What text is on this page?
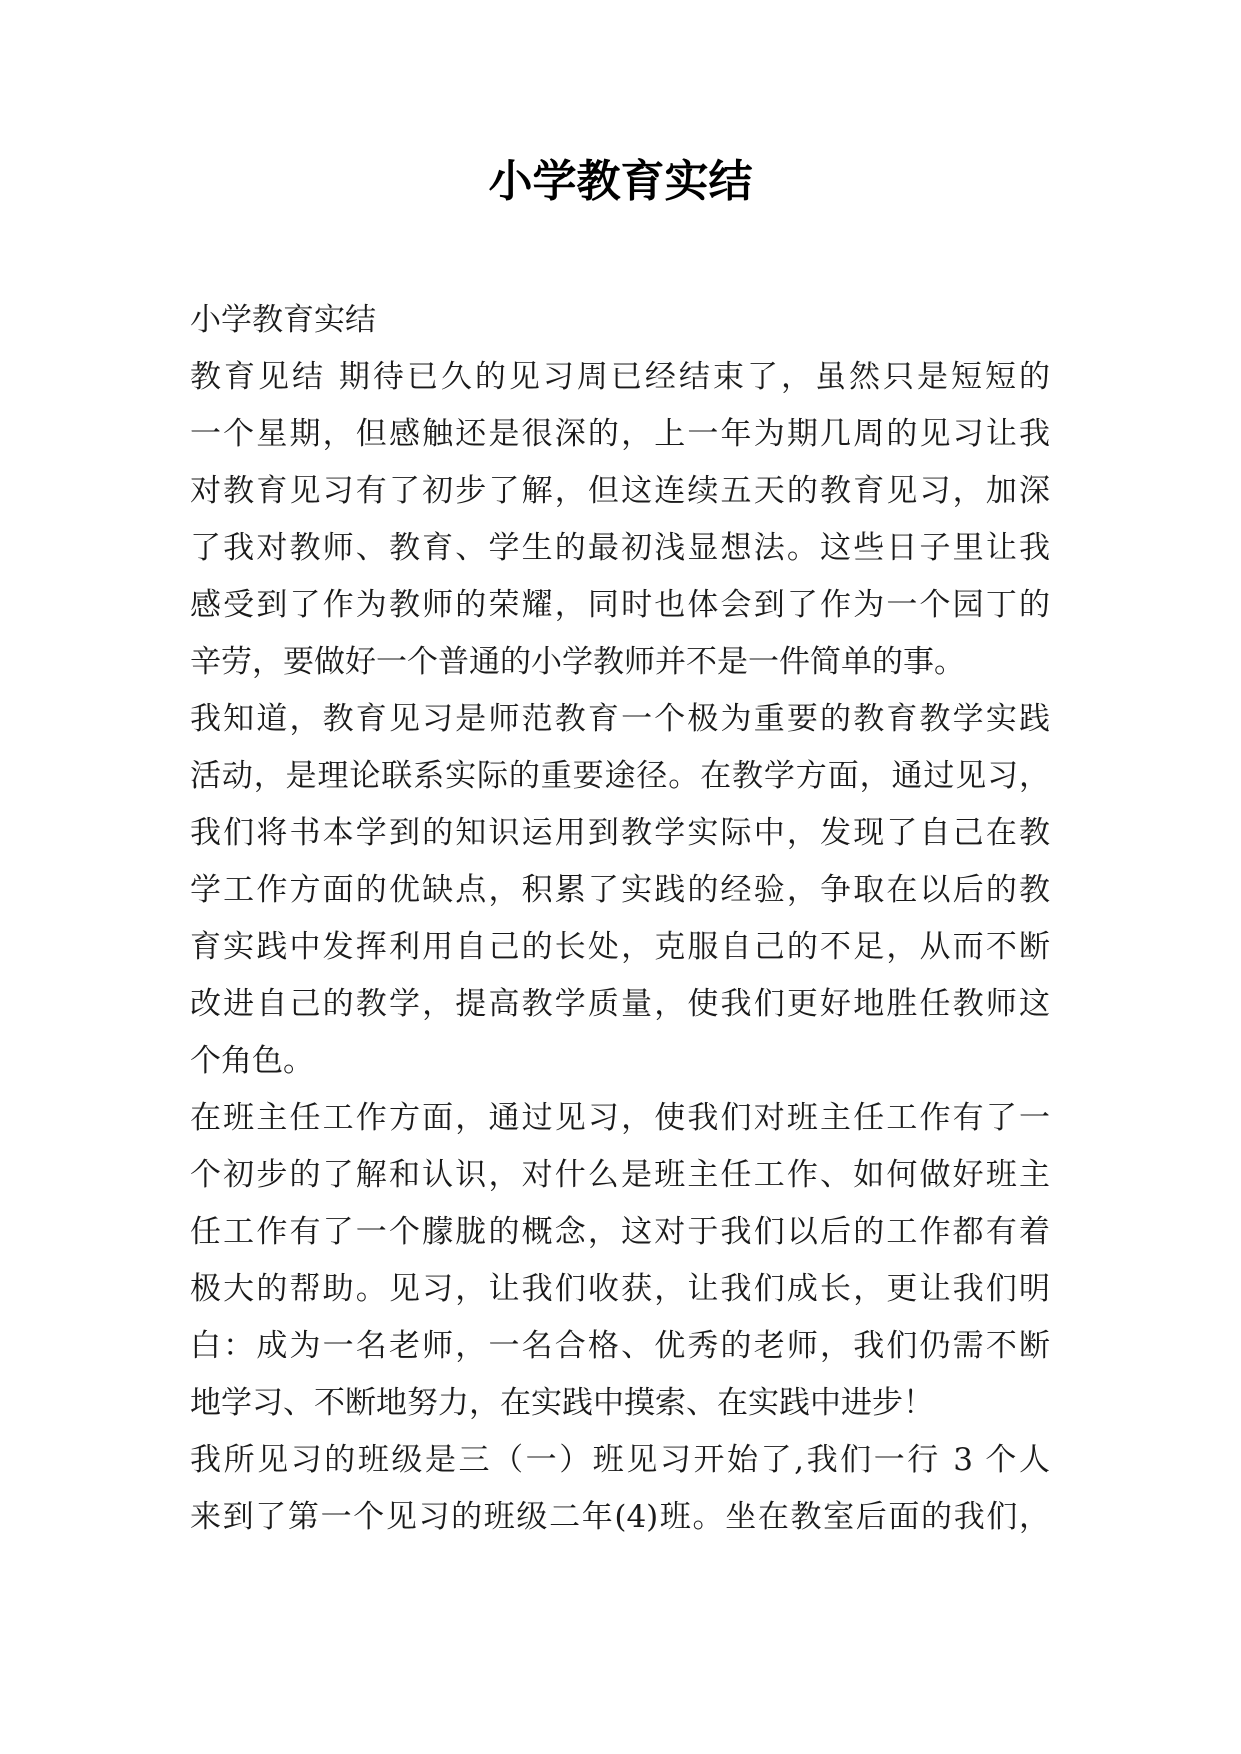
小学教育实结
小学教育实结
教育见结 期待已久的见习周已经结束了，虽然只是短短的
一个星期，但感触还是很深的，上一年为期几周的见习让我
对教育见习有了初步了解，但这连续五天的教育见习，加深
了我对教师、教育、学生的最初浅显想法。这些日子里让我
感受到了作为教师的荣耀，同时也体会到了作为一个园丁的
辛劳，要做好一个普通的小学教师并不是一件简单的事。
我知道，教育见习是师范教育一个极为重要的教育教学实践
活动，是理论联系实际的重要途径。在教学方面，通过见习，
我们将书本学到的知识运用到教学实际中，发现了自己在教
学工作方面的优缺点，积累了实践的经验，争取在以后的教
育实践中发挥利用自己的长处，克服自己的不足，从而不断
改进自己的教学，提高教学质量，使我们更好地胜任教师这
个角色。
在班主任工作方面，通过见习，使我们对班主任工作有了一
个初步的了解和认识，对什么是班主任工作、如何做好班主
任工作有了一个朦胧的概念，这对于我们以后的工作都有着
极大的帮助。见习，让我们收获，让我们成长，更让我们明
白：成为一名老师，一名合格、优秀的老师，我们仍需不断
地学习、不断地努力，在实践中摸索、在实践中进步！
我所见习的班级是三（一）班见习开始了,我们一行 3 个人
来到了第一个见习的班级二年(4)班。坐在教室后面的我们，
